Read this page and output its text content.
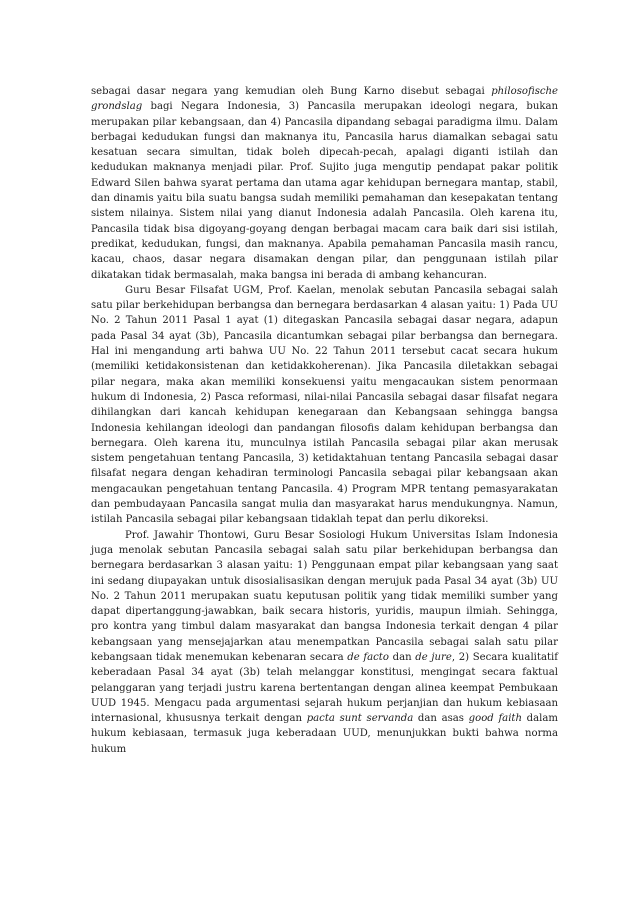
sebagai dasar negara yang kemudian oleh Bung Karno disebut sebagai philosofische grondslag bagi Negara Indonesia, 3) Pancasila merupakan ideologi negara, bukan merupakan pilar kebangsaan, dan 4) Pancasila dipandang sebagai paradigma ilmu. Dalam berbagai kedudukan fungsi dan maknanya itu, Pancasila harus diamalkan sebagai satu kesatuan secara simultan, tidak boleh dipecah-pecah, apalagi diganti istilah dan kedudukan maknanya menjadi pilar. Prof. Sujito juga mengutip pendapat pakar politik Edward Silen bahwa syarat pertama dan utama agar kehidupan bernegara mantap, stabil, dan dinamis yaitu bila suatu bangsa sudah memiliki pemahaman dan kesepakatan tentang sistem nilainya. Sistem nilai yang dianut Indonesia adalah Pancasila. Oleh karena itu, Pancasila tidak bisa digoyang-goyang dengan berbagai macam cara baik dari sisi istilah, predikat, kedudukan, fungsi, dan maknanya. Apabila pemahaman Pancasila masih rancu, kacau, chaos, dasar negara disamakan dengan pilar, dan penggunaan istilah pilar dikatakan tidak bermasalah, maka bangsa ini berada di ambang kehancuran.

Guru Besar Filsafat UGM, Prof. Kaelan, menolak sebutan Pancasila sebagai salah satu pilar berkehidupan berbangsa dan bernegara berdasarkan 4 alasan yaitu: 1) Pada UU No. 2 Tahun 2011 Pasal 1 ayat (1) ditegaskan Pancasila sebagai dasar negara, adapun pada Pasal 34 ayat (3b), Pancasila dicantumkan sebagai pilar berbangsa dan bernegara. Hal ini mengandung arti bahwa UU No. 22 Tahun 2011 tersebut cacat secara hukum (memiliki ketidakonsistenan dan ketidakkoherenan). Jika Pancasila diletakkan sebagai pilar negara, maka akan memiliki konsekuensi yaitu mengacaukan sistem penormaan hukum di Indonesia, 2) Pasca reformasi, nilai-nilai Pancasila sebagai dasar filsafat negara dihilangkan dari kancah kehidupan kenegaraan dan Kebangsaan sehingga bangsa Indonesia kehilangan ideologi dan pandangan filosofis dalam kehidupan berbangsa dan bernegara. Oleh karena itu, munculnya istilah Pancasila sebagai pilar akan merusak sistem pengetahuan tentang Pancasila, 3) ketidaktahuan tentang Pancasila sebagai dasar filsafat negara dengan kehadiran terminologi Pancasila sebagai pilar kebangsaan akan mengacaukan pengetahuan tentang Pancasila. 4) Program MPR tentang pemasyarakatan dan pembudayaan Pancasila sangat mulia dan masyarakat harus mendukungnya. Namun, istilah Pancasila sebagai pilar kebangsaan tidaklah tepat dan perlu dikoreksi.

Prof. Jawahir Thontowi, Guru Besar Sosiologi Hukum Universitas Islam Indonesia juga menolak sebutan Pancasila sebagai salah satu pilar berkehidupan berbangsa dan bernegara berdasarkan 3 alasan yaitu: 1) Penggunaan empat pilar kebangsaan yang saat ini sedang diupayakan untuk disosialisasikan dengan merujuk pada Pasal 34 ayat (3b) UU No. 2 Tahun 2011 merupakan suatu keputusan politik yang tidak memiliki sumber yang dapat dipertanggung-jawabkan, baik secara historis, yuridis, maupun ilmiah. Sehingga, pro kontra yang timbul dalam masyarakat dan bangsa Indonesia terkait dengan 4 pilar kebangsaan yang mensejajarkan atau menempatkan Pancasila sebagai salah satu pilar kebangsaan tidak menemukan kebenaran secara de facto dan de jure, 2) Secara kualitatif keberadaan Pasal 34 ayat (3b) telah melanggar konstitusi, mengingat secara faktual pelanggaran yang terjadi justru karena bertentangan dengan alinea keempat Pembukaan UUD 1945. Mengacu pada argumentasi sejarah hukum perjanjian dan hukum kebiasaan internasional, khususnya terkait dengan pacta sunt servanda dan asas good faith dalam hukum kebiasaan, termasuk juga keberadaan UUD, menunjukkan bukti bahwa norma hukum
